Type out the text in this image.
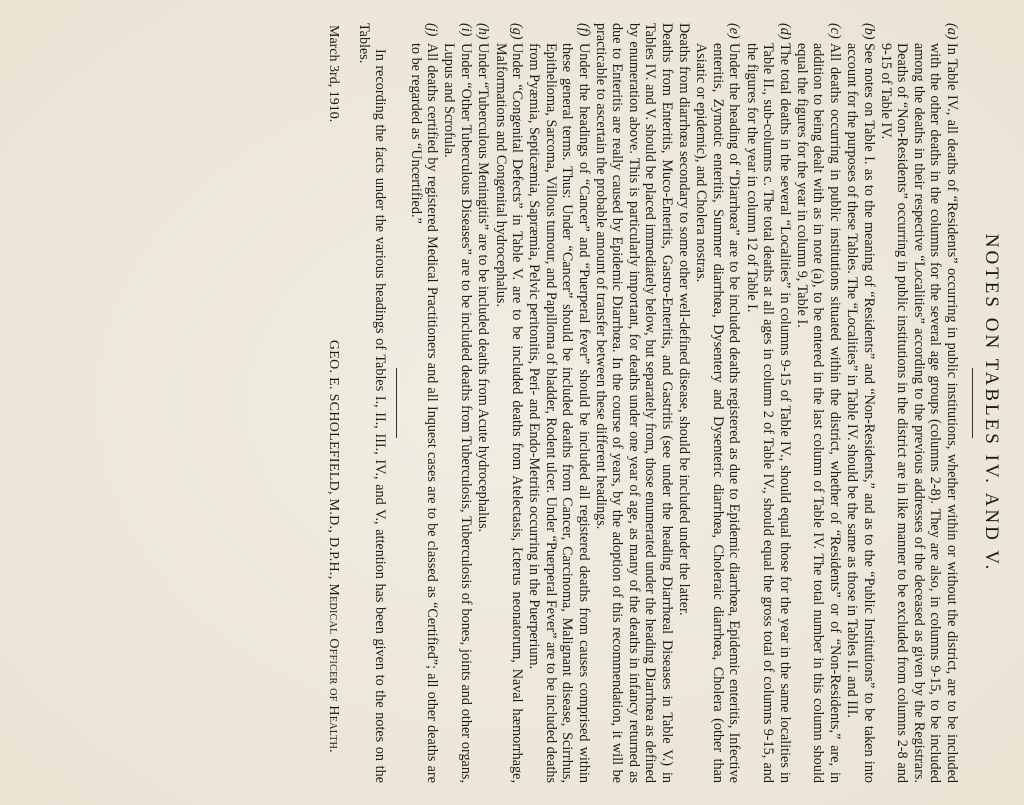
NOTES ON TABLES IV. AND V.
(a)
In Table IV., all deaths of “Residents” occurring in public institutions, whether within or without the district, are to be included with the other deaths in the columns for the several age groups (columns 2-8). They are also, in columns 9-15, to be included among the deaths in their respective “Localities” according to the previous addresses of the deceased as given by the Registrars. Deaths of “Non-Residents” occurring in public institutions in the district are in like manner to be excluded from columns 2-8 and 9-15 of Table IV.
(b)
See notes on Table I. as to the meaning of “Residents” and “Non-Residents,” and as to the “Public Institutions” to be taken into account for the purposes of these Tables. The “Localities” in Table IV. should be the same as those in Tables II. and III.
(c)
All deaths occurring in public institutions situated within the district, whether of “Residents” or of “Non-Residents,” are, in addition to being dealt with as in note (a), to be entered in the last column of Table IV. The total number in this column should equal the figures for the year in column 9, Table I.
(d)
The total deaths in the several “Localities” in columns 9-15 of Table IV., should equal those for the year in the same localities in Table II., sub-columns c. The total deaths at all ages in column 2 of Table IV., should equal the gross total of columns 9-15, and the figures for the year in column 12 of Table I.
(e)
Under the heading of “Diarrhœa” are to be included deaths registered as due to Epidemic diarrhœa, Epidemic enteritis, Infective enteritis, Zymotic enteritis, Summer diarrhœa, Dysentery and Dysenteric diarrhœa, Choleraic diarrhœa, Cholera (other than Asiatic or epidemic), and Cholera nostras.

Deaths from diarrhœa secondary to some other well-defined disease, should be included under the latter.

Deaths from Enteritis, Muco-Enteritis, Gastro-Enteritis, and Gastritis (see under the heading Diarrhœal Diseases in Table V.) in Tables IV. and V. should be placed immediately below, but separately from, those enumerated under the heading Diarrhœa as defined by enumeration above. This is particularly important, for deaths under one year of age, as many of the deaths in infancy returned as due to Enteritis are really caused by Epidemic Diarrhœa. In the course of years, by the adoption of this recommendation, it will be practicable to ascertain the probable amount of transfer between these different headings.

(f)
Under the headings of “Cancer” and “Puerperal fever” should be included all registered deaths from causes comprised within these general terms. Thus: Under “Cancer” should be included deaths from Cancer, Carcinoma, Malignant disease, Scirrhus, Epithelioma, Sarcoma, Villous tumour, and Papilloma of bladder, Rodent ulcer. Under “Puerperal Fever” are to be included deaths from Pyæmia, Septicæmia, Sapræmia, Pelvic peritonitis, Peri- and Endo-Metritis occurring in the Puerperium.
(g)
Under “Congenital Defects” in Table V. are to be included deaths from Atelectasis, Icterus neonatorum, Naval hæmorrhage, Malformations and Congenital hydrocephalus.
(h)
Under “Tuberculous Meningitis” are to be included deaths from Acute hydrocephalus.
(i)
Under “Other Tuberculous Diseases” are to be included deaths from Tuberculosis, Tuberculosis of bones, joints and other organs, Lupus and Scrofula.
(j)
All deaths certified by registered Medical Practitioners and all Inquest cases are to be classed as “Certified”; all other deaths are to be regarded as “Uncertified.”

In recording the facts under the various headings of Tables I., II., III., IV., and V., attention has been given to the notes on the Tables.

March 3rd, 1910.
GEO. E. SCHOLEFIELD, M.D., D.P.H., Medical Officer of Health.
